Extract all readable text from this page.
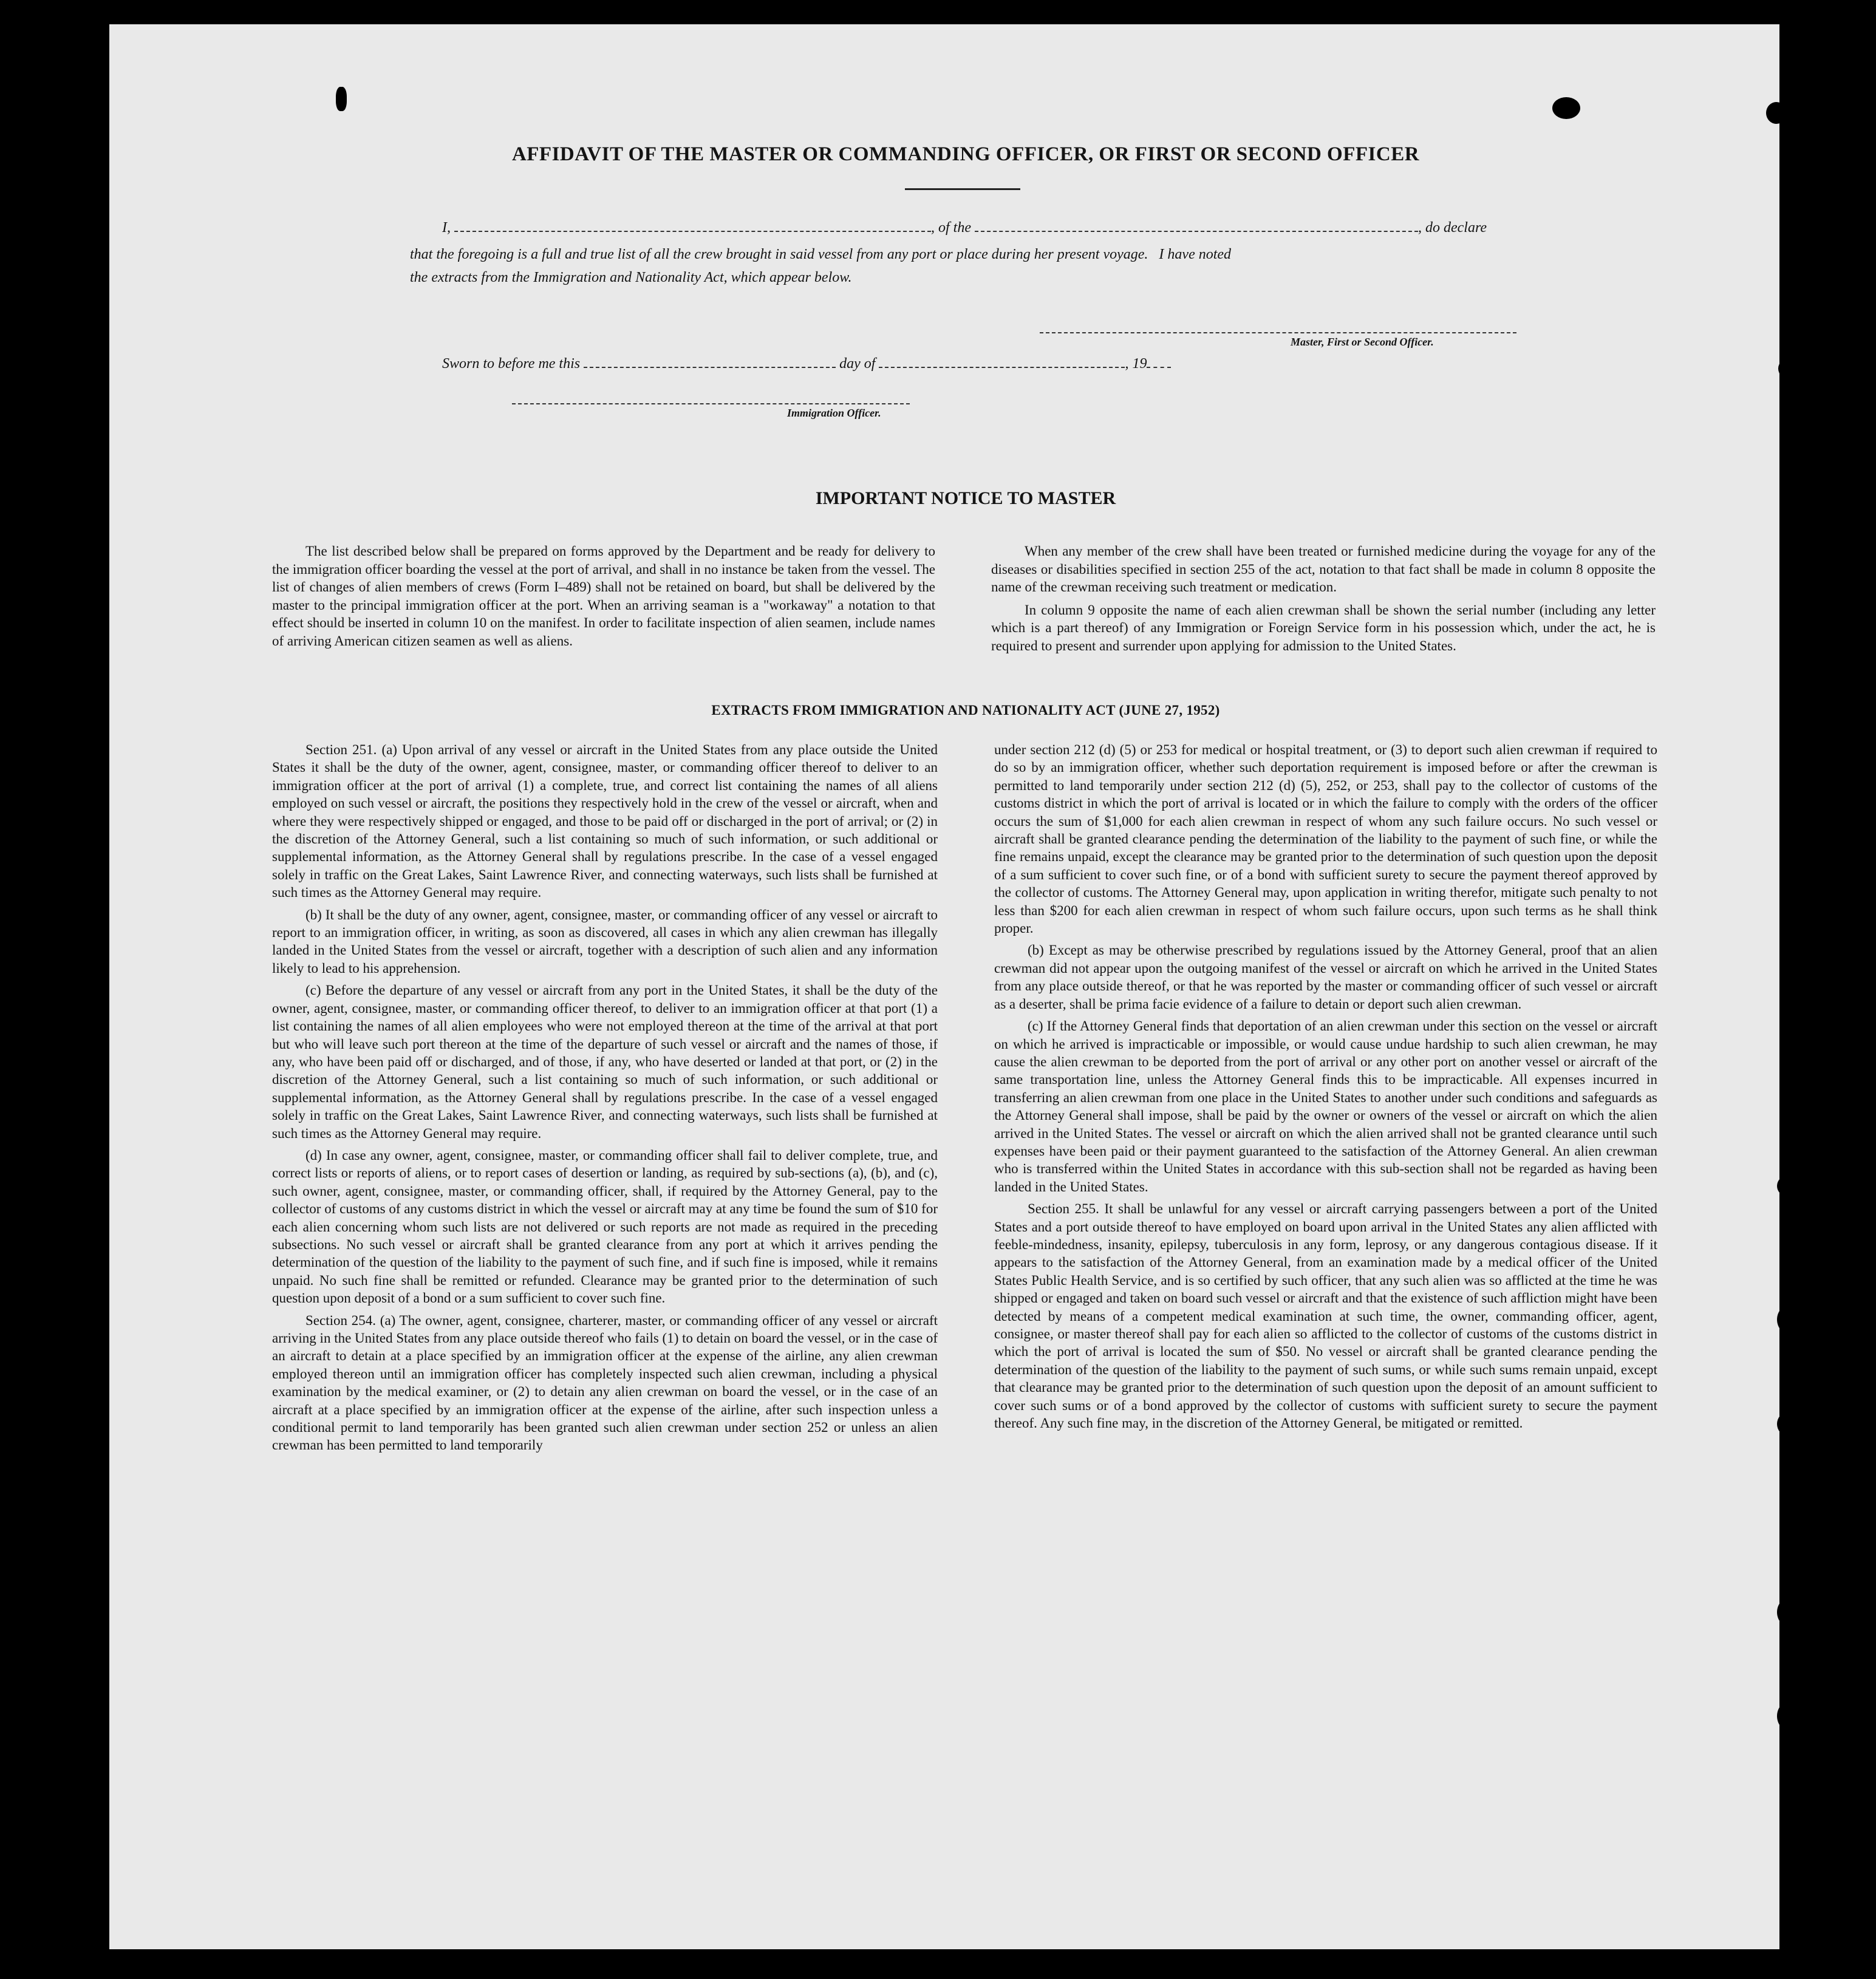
AFFIDAVIT OF THE MASTER OR COMMANDING OFFICER, OR FIRST OR SECOND OFFICER
I,	, of the	, do declare
that the foregoing is a full and true list of all the crew brought in said vessel from any port or place during her present voyage.   I have noted
the extracts from the Immigration and Nationality Act, which appear below.
Master, First or Second Officer.
Sworn to before me this	day of	, 19
Immigration Officer.
IMPORTANT NOTICE TO MASTER

The list described below shall be prepared on forms approved by the Department and be ready for delivery to the immigration officer boarding the vessel at the port of arrival, and shall in no instance be taken from the vessel. The list of changes of alien members of crews (Form I–489) shall not be retained on board, but shall be delivered by the master to the principal immigration officer at the port. When an arriving seaman is a "workaway" a notation to that effect should be inserted in column 10 on the manifest. In order to facilitate inspection of alien seamen, include names of arriving American citizen seamen as well as aliens.

When any member of the crew shall have been treated or furnished medicine during the voyage for any of the diseases or disabilities specified in section 255 of the act, notation to that fact shall be made in column 8 opposite the name of the crewman receiving such treatment or medication.

In column 9 opposite the name of each alien crewman shall be shown the serial number (including any letter which is a part thereof) of any Immigration or Foreign Service form in his possession which, under the act, he is required to present and surrender upon applying for admission to the United States.

EXTRACTS FROM IMMIGRATION AND NATIONALITY ACT (JUNE 27, 1952)

Section 251. (a) Upon arrival of any vessel or aircraft in the United States from any place outside the United States it shall be the duty of the owner, agent, consignee, master, or commanding officer thereof to deliver to an immigration officer at the port of arrival (1) a complete, true, and correct list containing the names of all aliens employed on such vessel or aircraft, the positions they respectively hold in the crew of the vessel or aircraft, when and where they were respectively shipped or engaged, and those to be paid off or discharged in the port of arrival; or (2) in the discretion of the Attorney General, such a list containing so much of such information, or such additional or supplemental information, as the Attorney General shall by regulations prescribe. In the case of a vessel engaged solely in traffic on the Great Lakes, Saint Lawrence River, and connecting waterways, such lists shall be furnished at such times as the Attorney General may require.

(b) It shall be the duty of any owner, agent, consignee, master, or commanding officer of any vessel or aircraft to report to an immigration officer, in writing, as soon as discovered, all cases in which any alien crewman has illegally landed in the United States from the vessel or aircraft, together with a description of such alien and any information likely to lead to his apprehension.

(c) Before the departure of any vessel or aircraft from any port in the United States, it shall be the duty of the owner, agent, consignee, master, or commanding officer thereof, to deliver to an immigration officer at that port (1) a list containing the names of all alien employees who were not employed thereon at the time of the arrival at that port but who will leave such port thereon at the time of the departure of such vessel or aircraft and the names of those, if any, who have been paid off or discharged, and of those, if any, who have deserted or landed at that port, or (2) in the discretion of the Attorney General, such a list containing so much of such information, or such additional or supplemental information, as the Attorney General shall by regulations prescribe. In the case of a vessel engaged solely in traffic on the Great Lakes, Saint Lawrence River, and connecting waterways, such lists shall be furnished at such times as the Attorney General may require.

(d) In case any owner, agent, consignee, master, or commanding officer shall fail to deliver complete, true, and correct lists or reports of aliens, or to report cases of desertion or landing, as required by sub-sections (a), (b), and (c), such owner, agent, consignee, master, or commanding officer, shall, if required by the Attorney General, pay to the collector of customs of any customs district in which the vessel or aircraft may at any time be found the sum of $10 for each alien concerning whom such lists are not delivered or such reports are not made as required in the preceding subsections. No such vessel or aircraft shall be granted clearance from any port at which it arrives pending the determination of the question of the liability to the payment of such fine, and if such fine is imposed, while it remains unpaid. No such fine shall be remitted or refunded. Clearance may be granted prior to the determination of such question upon deposit of a bond or a sum sufficient to cover such fine.

Section 254. (a) The owner, agent, consignee, charterer, master, or commanding officer of any vessel or aircraft arriving in the United States from any place outside thereof who fails (1) to detain on board the vessel, or in the case of an aircraft to detain at a place specified by an immigration officer at the expense of the airline, any alien crewman employed thereon until an immigration officer has completely inspected such alien crewman, including a physical examination by the medical examiner, or (2) to detain any alien crewman on board the vessel, or in the case of an aircraft at a place specified by an immigration officer at the expense of the airline, after such inspection unless a conditional permit to land temporarily has been granted such alien crewman under section 252 or unless an alien crewman has been permitted to land temporarily

under section 212 (d) (5) or 253 for medical or hospital treatment, or (3) to deport such alien crewman if required to do so by an immigration officer, whether such deportation requirement is imposed before or after the crewman is permitted to land temporarily under section 212 (d) (5), 252, or 253, shall pay to the collector of customs of the customs district in which the port of arrival is located or in which the failure to comply with the orders of the officer occurs the sum of $1,000 for each alien crewman in respect of whom any such failure occurs. No such vessel or aircraft shall be granted clearance pending the determination of the liability to the payment of such fine, or while the fine remains unpaid, except the clearance may be granted prior to the determination of such question upon the deposit of a sum sufficient to cover such fine, or of a bond with sufficient surety to secure the payment thereof approved by the collector of customs. The Attorney General may, upon application in writing therefor, mitigate such penalty to not less than $200 for each alien crewman in respect of whom such failure occurs, upon such terms as he shall think proper.

(b) Except as may be otherwise prescribed by regulations issued by the Attorney General, proof that an alien crewman did not appear upon the outgoing manifest of the vessel or aircraft on which he arrived in the United States from any place outside thereof, or that he was reported by the master or commanding officer of such vessel or aircraft as a deserter, shall be prima facie evidence of a failure to detain or deport such alien crewman.

(c) If the Attorney General finds that deportation of an alien crewman under this section on the vessel or aircraft on which he arrived is impracticable or impossible, or would cause undue hardship to such alien crewman, he may cause the alien crewman to be deported from the port of arrival or any other port on another vessel or aircraft of the same transportation line, unless the Attorney General finds this to be impracticable. All expenses incurred in transferring an alien crewman from one place in the United States to another under such conditions and safeguards as the Attorney General shall impose, shall be paid by the owner or owners of the vessel or aircraft on which the alien arrived in the United States. The vessel or aircraft on which the alien arrived shall not be granted clearance until such expenses have been paid or their payment guaranteed to the satisfaction of the Attorney General. An alien crewman who is transferred within the United States in accordance with this sub-section shall not be regarded as having been landed in the United States.

Section 255. It shall be unlawful for any vessel or aircraft carrying passengers between a port of the United States and a port outside thereof to have employed on board upon arrival in the United States any alien afflicted with feeble-mindedness, insanity, epilepsy, tuberculosis in any form, leprosy, or any dangerous contagious disease. If it appears to the satisfaction of the Attorney General, from an examination made by a medical officer of the United States Public Health Service, and is so certified by such officer, that any such alien was so afflicted at the time he was shipped or engaged and taken on board such vessel or aircraft and that the existence of such affliction might have been detected by means of a competent medical examination at such time, the owner, commanding officer, agent, consignee, or master thereof shall pay for each alien so afflicted to the collector of customs of the customs district in which the port of arrival is located the sum of $50. No vessel or aircraft shall be granted clearance pending the determination of the question of the liability to the payment of such sums, or while such sums remain unpaid, except that clearance may be granted prior to the determination of such question upon the deposit of an amount sufficient to cover such sums or of a bond approved by the collector of customs with sufficient surety to secure the payment thereof. Any such fine may, in the discretion of the Attorney General, be mitigated or remitted.
